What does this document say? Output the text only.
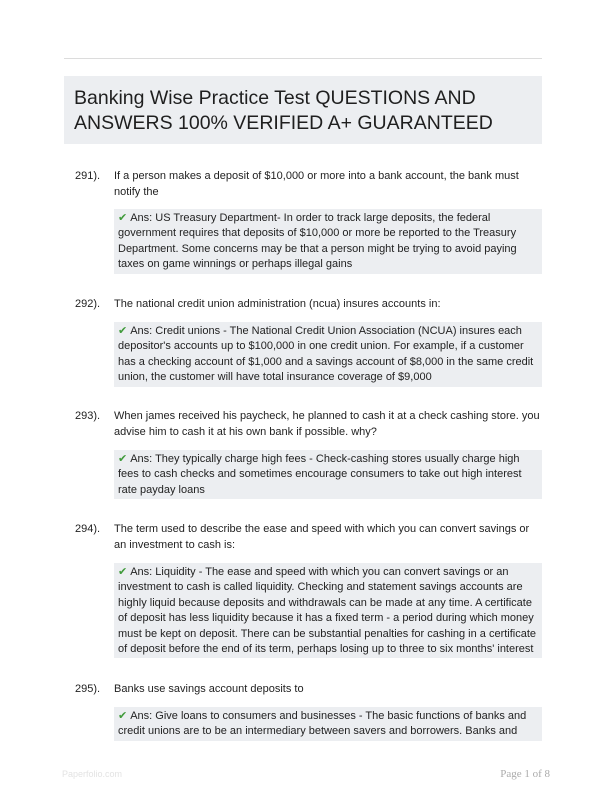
Banking Wise Practice Test QUESTIONS AND ANSWERS 100% VERIFIED A+ GUARANTEED
291). If a person makes a deposit of $10,000 or more into a bank account, the bank must notify the
✔ Ans: US Treasury Department- In order to track large deposits, the federal government requires that deposits of $10,000 or more be reported to the Treasury Department. Some concerns may be that a person might be trying to avoid paying taxes on game winnings or perhaps illegal gains
292). The national credit union administration (ncua) insures accounts in:
✔ Ans: Credit unions - The National Credit Union Association (NCUA) insures each depositor's accounts up to $100,000 in one credit union. For example, if a customer has a checking account of $1,000 and a savings account of $8,000 in the same credit union, the customer will have total insurance coverage of $9,000
293). When james received his paycheck, he planned to cash it at a check cashing store. you advise him to cash it at his own bank if possible. why?
✔ Ans: They typically charge high fees - Check-cashing stores usually charge high fees to cash checks and sometimes encourage consumers to take out high interest rate payday loans
294). The term used to describe the ease and speed with which you can convert savings or an investment to cash is:
✔ Ans: Liquidity - The ease and speed with which you can convert savings or an investment to cash is called liquidity. Checking and statement savings accounts are highly liquid because deposits and withdrawals can be made at any time. A certificate of deposit has less liquidity because it has a fixed term - a period during which money must be kept on deposit. There can be substantial penalties for cashing in a certificate of deposit before the end of its term, perhaps losing up to three to six months' interest
295). Banks use savings account deposits to
✔ Ans: Give loans to consumers and businesses - The basic functions of banks and credit unions are to be an intermediary between savers and borrowers. Banks and
Paperfolio.com	Page 1 of 8
